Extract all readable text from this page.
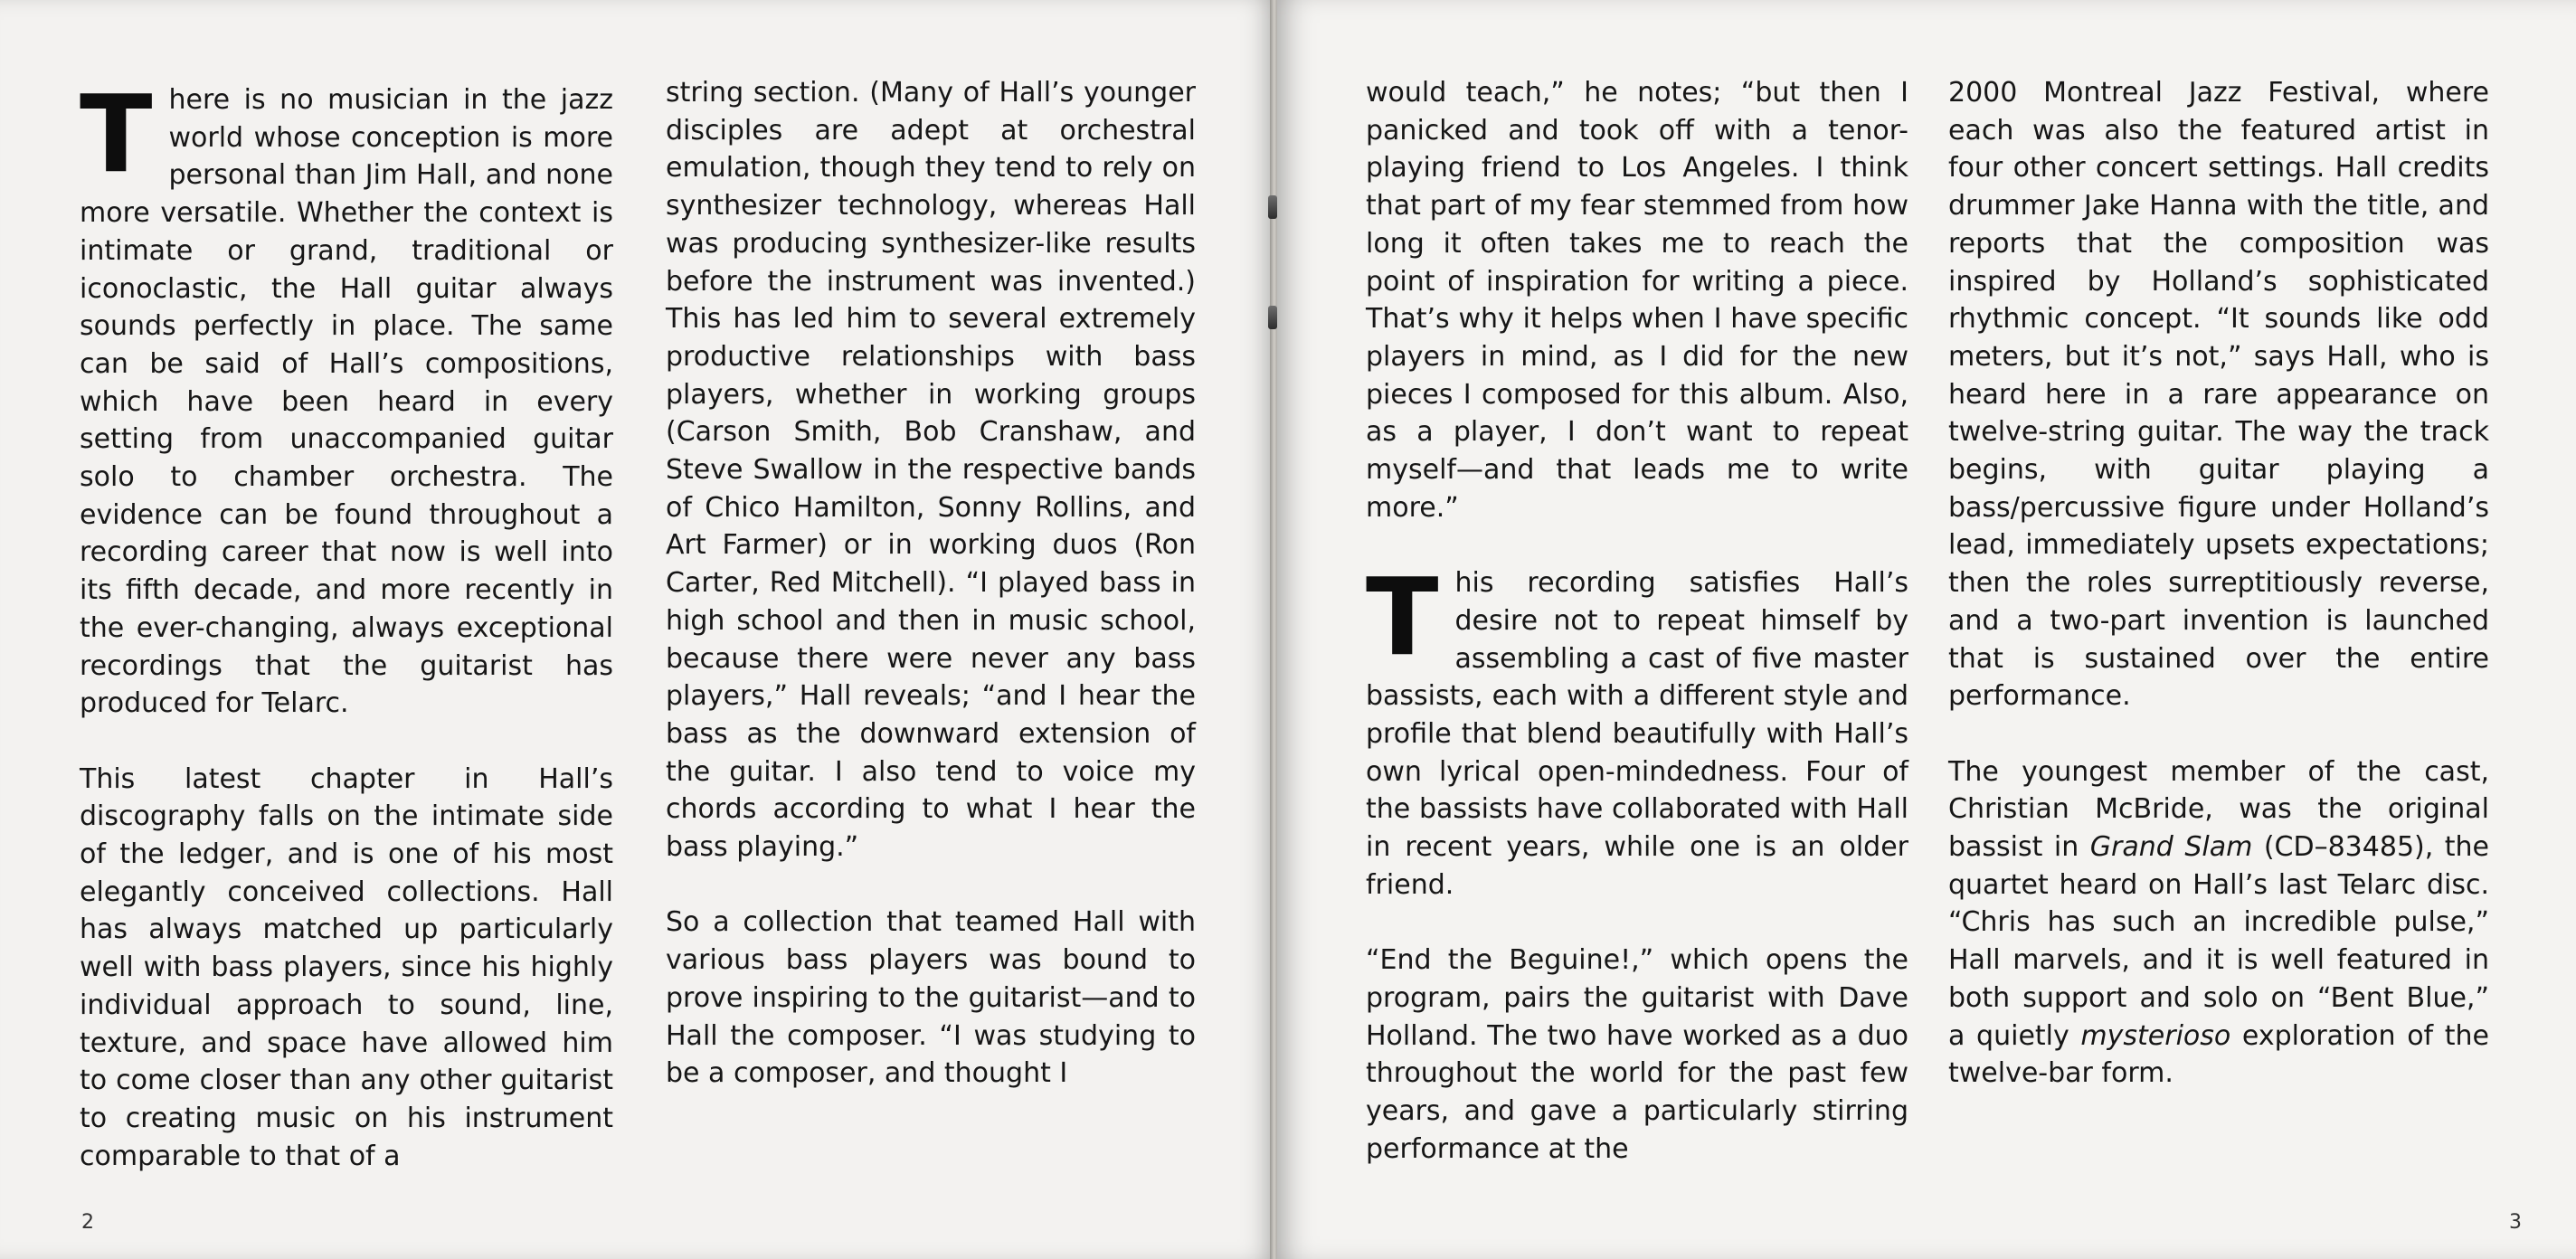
There is no musician in the jazz world whose conception is more personal than Jim Hall, and none more versatile. Whether the context is intimate or grand, traditional or iconoclastic, the Hall guitar always sounds perfectly in place. The same can be said of Hall’s compositions, which have been heard in every setting from unaccompanied guitar solo to chamber orchestra. The evidence can be found throughout a recording career that now is well into its fifth decade, and more recently in the ever-changing, always exceptional recordings that the guitarist has produced for Telarc.

This latest chapter in Hall’s discography falls on the intimate side of the ledger, and is one of his most elegantly conceived collections. Hall has always matched up particularly well with bass players, since his highly individual approach to sound, line, texture, and space have allowed him to come closer than any other guitarist to creating music on his instrument comparable to that of a

string section. (Many of Hall’s younger disciples are adept at orchestral emulation, though they tend to rely on synthesizer technology, whereas Hall was producing synthesizer-like results before the instrument was invented.) This has led him to several extremely productive relationships with bass players, whether in working groups (Carson Smith, Bob Cranshaw, and Steve Swallow in the respective bands of Chico Hamilton, Sonny Rollins, and Art Farmer) or in working duos (Ron Carter, Red Mitchell). “I played bass in high school and then in music school, because there were never any bass players,” Hall reveals; “and I hear the bass as the downward extension of the guitar. I also tend to voice my chords according to what I hear the bass playing.”

So a collection that teamed Hall with various bass players was bound to prove inspiring to the guitarist—and to Hall the composer. “I was studying to be a composer, and thought I

2

would teach,” he notes; “but then I panicked and took off with a tenor-playing friend to Los Angeles. I think that part of my fear stemmed from how long it often takes me to reach the point of inspiration for writing a piece. That’s why it helps when I have specific players in mind, as I did for the new pieces I composed for this album. Also, as a player, I don’t want to repeat myself—and that leads me to write more.”

This recording satisfies Hall’s desire not to repeat himself by assembling a cast of five master bassists, each with a different style and profile that blend beautifully with Hall’s own lyrical open-mindedness. Four of the bassists have collaborated with Hall in recent years, while one is an older friend.

“End the Beguine!,” which opens the program, pairs the guitarist with Dave Holland. The two have worked as a duo throughout the world for the past few years, and gave a particularly stirring performance at the

2000 Montreal Jazz Festival, where each was also the featured artist in four other concert settings. Hall credits drummer Jake Hanna with the title, and reports that the composition was inspired by Holland’s sophisticated rhythmic concept. “It sounds like odd meters, but it’s not,” says Hall, who is heard here in a rare appearance on twelve-string guitar. The way the track begins, with guitar playing a bass/percussive figure under Holland’s lead, immediately upsets expectations; then the roles surreptitiously reverse, and a two-part invention is launched that is sustained over the entire performance.

The youngest member of the cast, Christian McBride, was the original bassist in Grand Slam (CD–83485), the quartet heard on Hall’s last Telarc disc. “Chris has such an incredible pulse,” Hall marvels, and it is well featured in both support and solo on “Bent Blue,” a quietly mysterioso exploration of the twelve-bar form.

3
